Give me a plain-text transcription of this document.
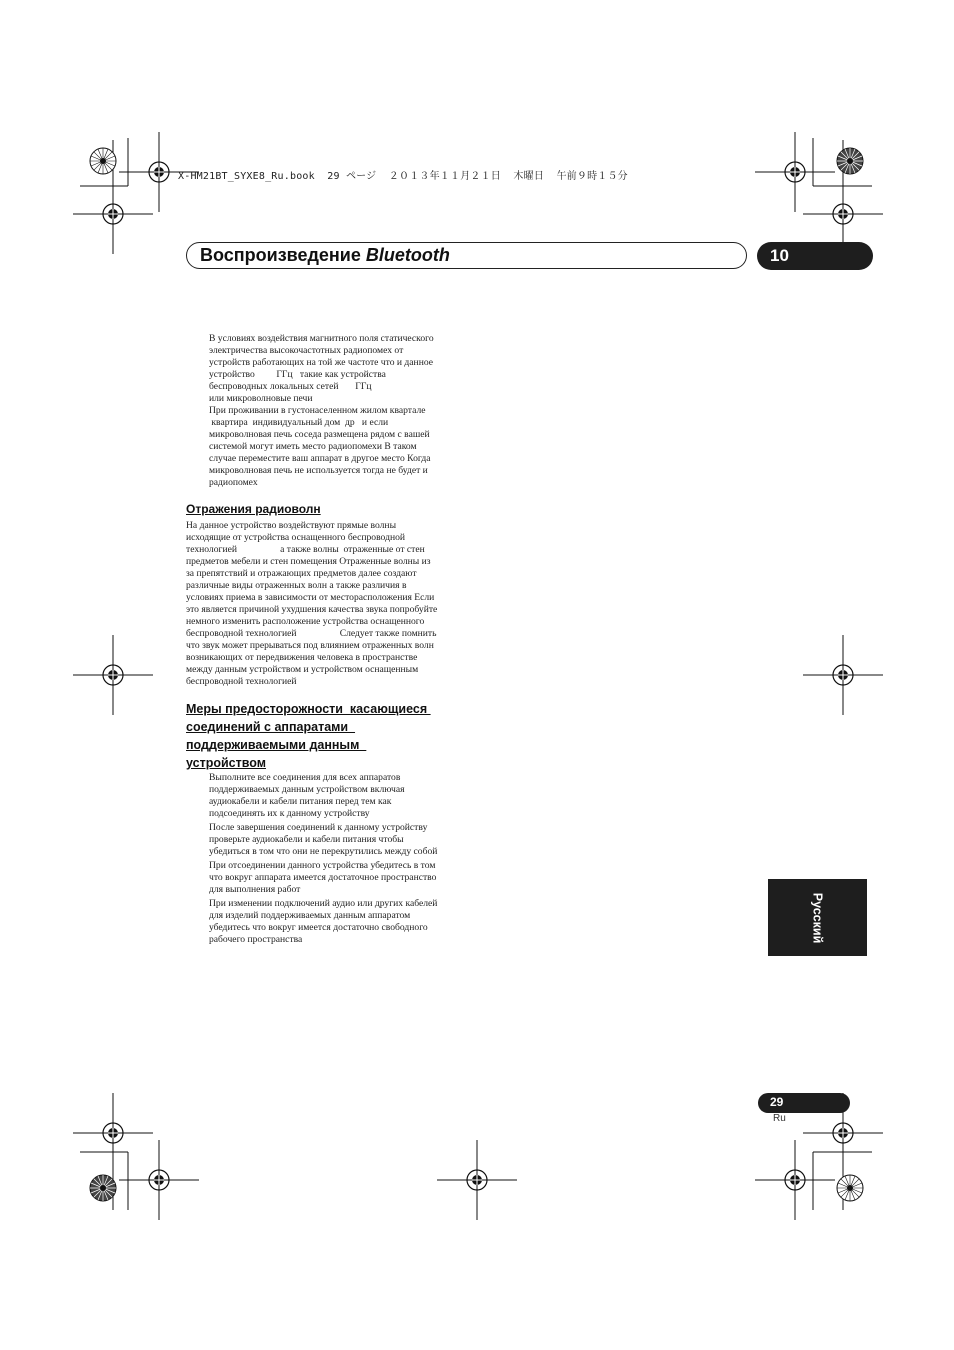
X-HM21BT_SYXE8_Ru.book  29 ページ  ２０１３年１１月２１日  木曜日  午前９時１５分
Воспроизведение Bluetooth	10
В условиях воздействия магнитного поля статического
электричества высокочастотных радиопомех от
устройств работающих на той же частоте что и данное
устройство         ГГц   такие как устройства
беспроводных локальных сетей       ГГц
или микроволновые печи
При проживании в густонаселенном жилом квартале
квартира  индивидуальный дом  др   и если
микроволновая печь соседа размещена рядом с вашей
системой могут иметь место радиопомехи В таком
случае переместите ваш аппарат в другое место Когда
микроволновая печь не используется тогда не будет и
радиопомех
Отражения радиоволн
На данное устройство воздействуют прямые волны
исходящие от устройства оснащенного беспроводной
технологией                  а также волны  отраженные от стен
предметов мебели и стен помещения Отраженные волны из
за препятствий и отражающих предметов далее создают
различные виды отраженных волн а также различия в
условиях приема в зависимости от месторасположения Если
это является причиной ухудшения качества звука попробуйте
немного изменить расположение устройства оснащенного
беспроводной технологией                  Следует также помнить
что звук может прерываться под влиянием отраженных волн
возникающих от передвижения человека в пространстве
между данным устройством и устройством оснащенным
беспроводной технологией
Меры предосторожности  касающиеся
соединений с аппаратами
поддерживаемыми данным
устройством
Выполните все соединения для всех аппаратов
поддерживаемых данным устройством включая
аудиокабели и кабели питания перед тем как
подсоединять их к данному устройству
После завершения соединений к данному устройству
проверьте аудиокабели и кабели питания чтобы
убедиться в том что они не перекрутились между собой
При отсоединении данного устройства убедитесь в том
что вокруг аппарата имеется достаточное пространство
для выполнения работ
При изменении подключений аудио или других кабелей
для изделий поддерживаемых данным аппаратом
убедитесь что вокруг имеется достаточно свободного
рабочего пространства	Русский
29
Ru
